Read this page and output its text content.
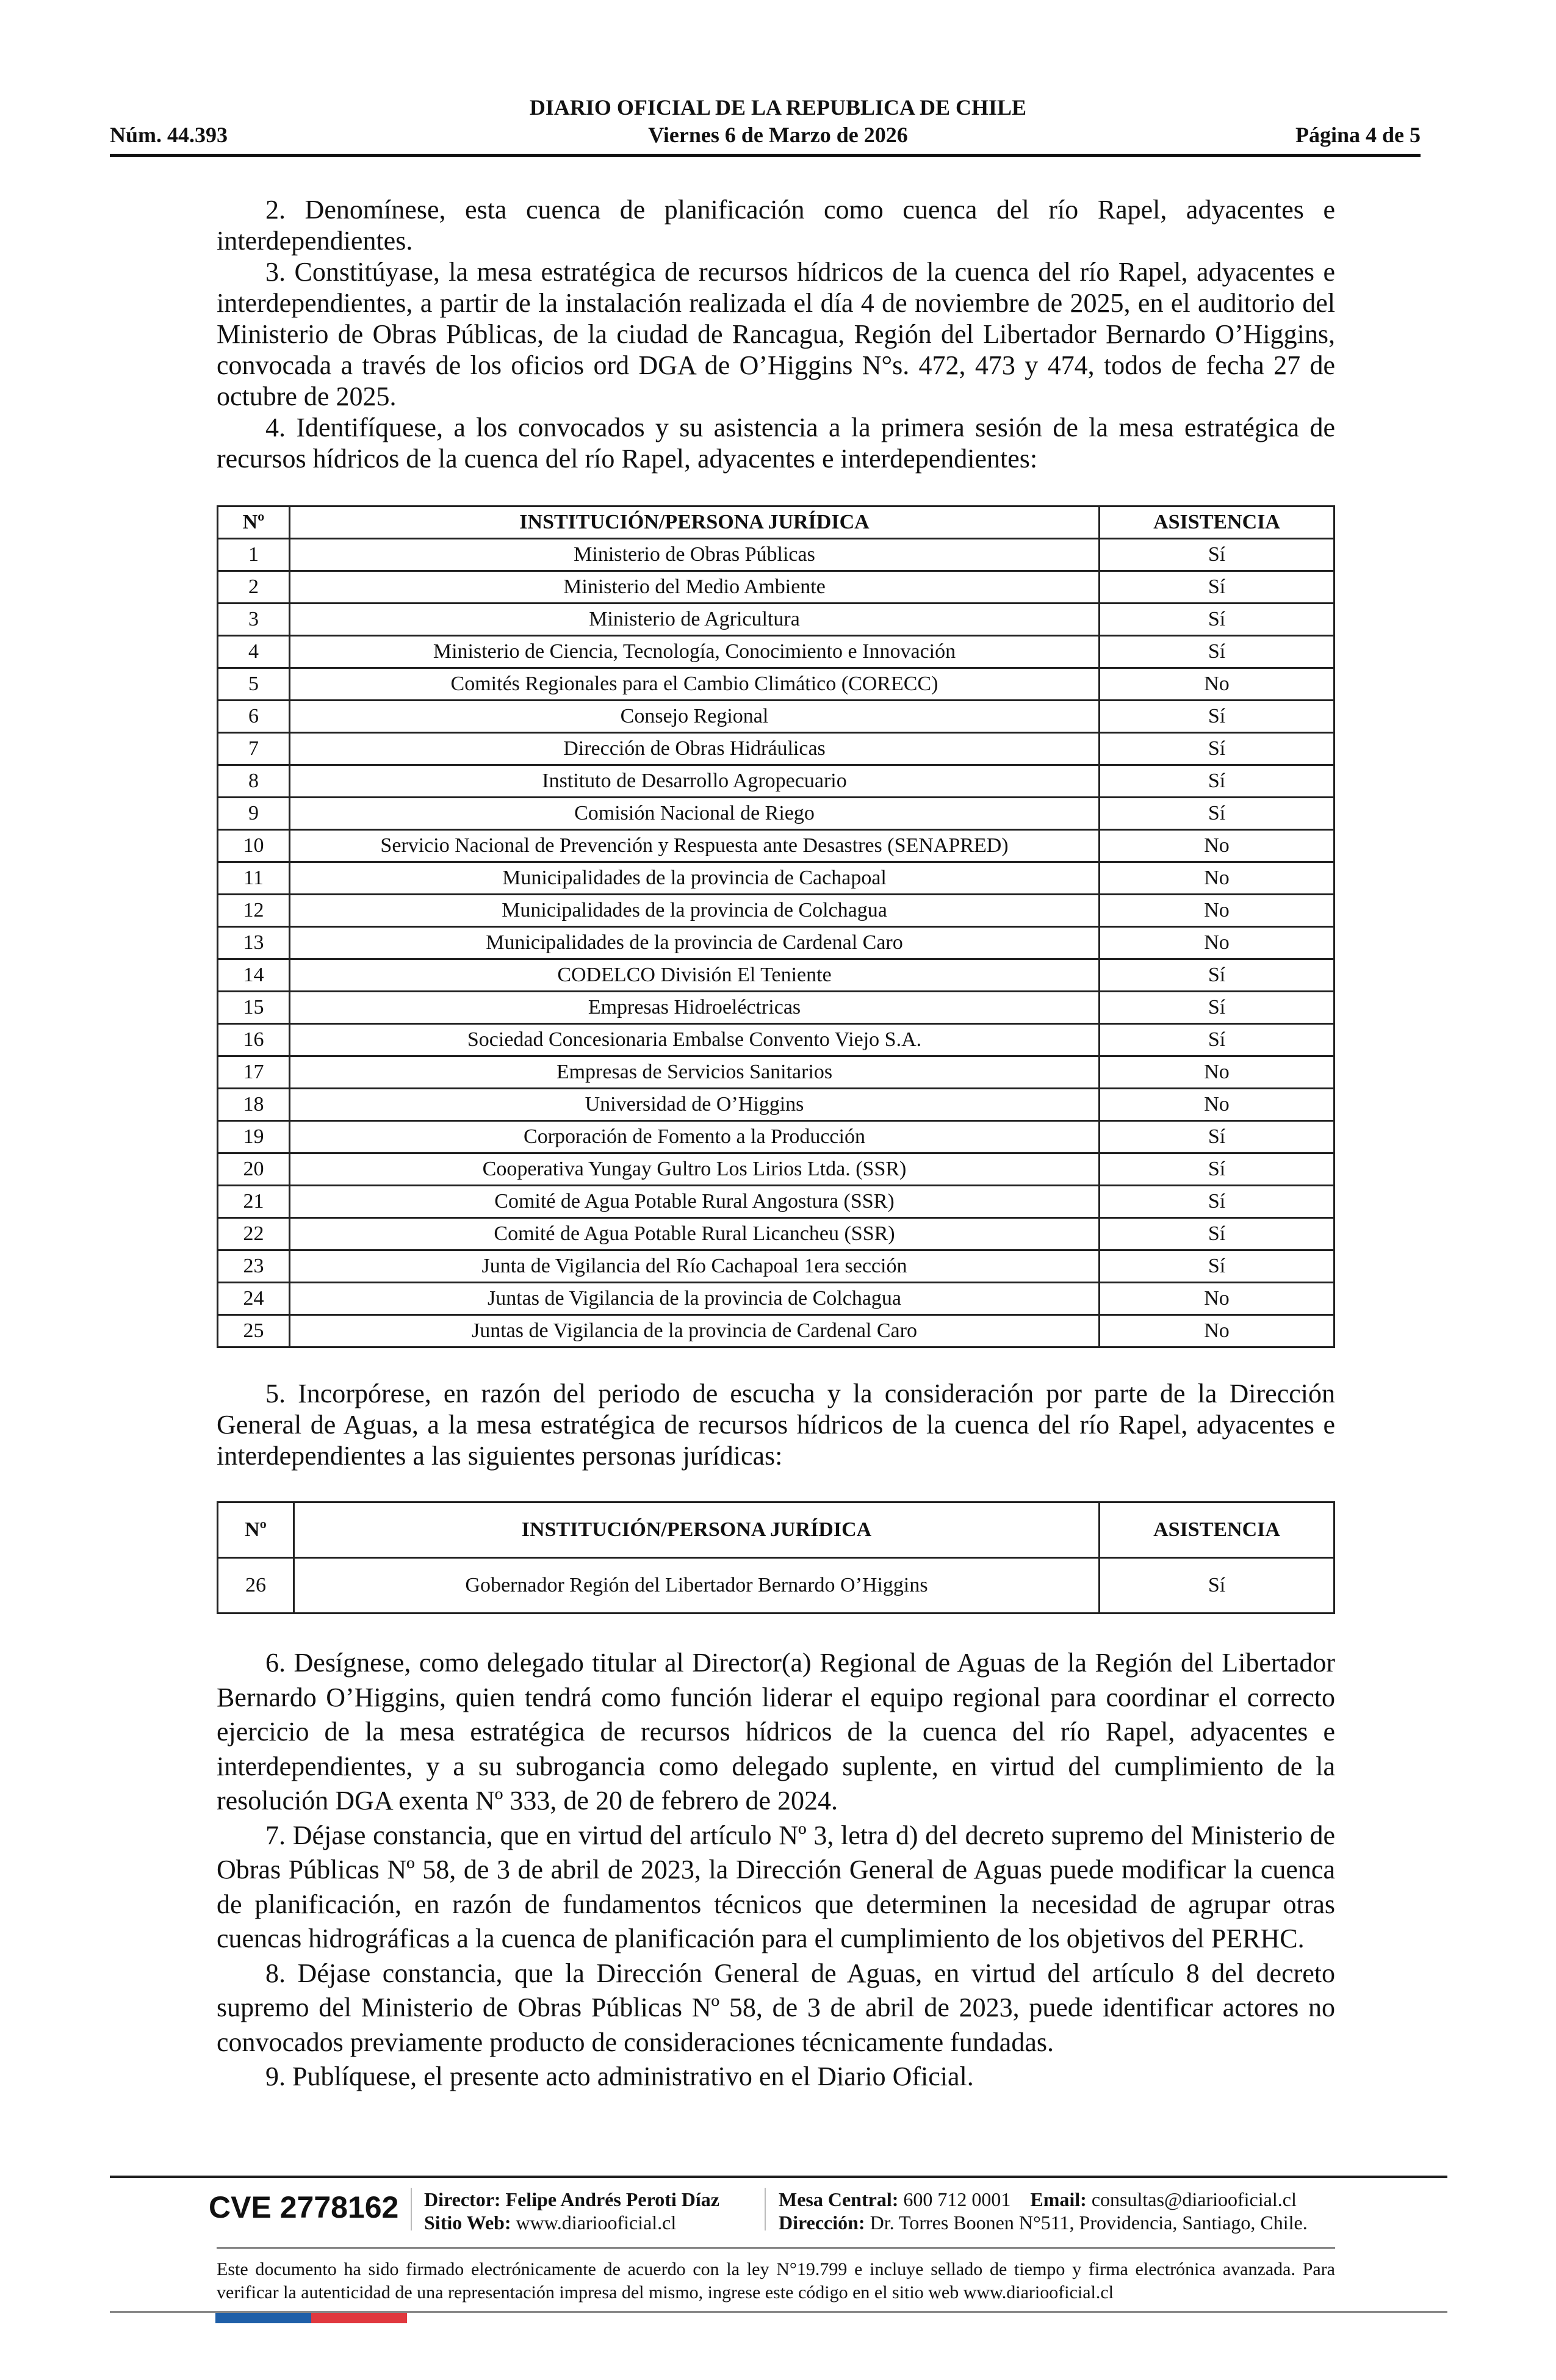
DIARIO OFICIAL DE LA REPUBLICA DE CHILE
Núm. 44.393	Viernes 6 de Marzo de 2026	Página 4 de 5

2. Denomínese, esta cuenca de planificación como cuenca del río Rapel, adyacentes e interdependientes.

3. Constitúyase, la mesa estratégica de recursos hídricos de la cuenca del río Rapel, adyacentes e interdependientes, a partir de la instalación realizada el día 4 de noviembre de 2025, en el auditorio del Ministerio de Obras Públicas, de la ciudad de Rancagua, Región del Libertador Bernardo O’Higgins, convocada a través de los oficios ord DGA de O’Higgins N°s. 472, 473 y 474, todos de fecha 27 de octubre de 2025.

4. Identifíquese, a los convocados y su asistencia a la primera sesión de la mesa estratégica de recursos hídricos de la cuenca del río Rapel, adyacentes e interdependientes:

Nº	INSTITUCIÓN/PERSONA JURÍDICA	ASISTENCIA
1	Ministerio de Obras Públicas	Sí
2	Ministerio del Medio Ambiente	Sí
3	Ministerio de Agricultura	Sí
4	Ministerio de Ciencia, Tecnología, Conocimiento e Innovación	Sí
5	Comités Regionales para el Cambio Climático (CORECC)	No
6	Consejo Regional	Sí
7	Dirección de Obras Hidráulicas	Sí
8	Instituto de Desarrollo Agropecuario	Sí
9	Comisión Nacional de Riego	Sí
10	Servicio Nacional de Prevención y Respuesta ante Desastres (SENAPRED)	No
11	Municipalidades de la provincia de Cachapoal	No
12	Municipalidades de la provincia de Colchagua	No
13	Municipalidades de la provincia de Cardenal Caro	No
14	CODELCO División El Teniente	Sí
15	Empresas Hidroeléctricas	Sí
16	Sociedad Concesionaria Embalse Convento Viejo S.A.	Sí
17	Empresas de Servicios Sanitarios	No
18	Universidad de O’Higgins	No
19	Corporación de Fomento a la Producción	Sí
20	Cooperativa Yungay Gultro Los Lirios Ltda. (SSR)	Sí
21	Comité de Agua Potable Rural Angostura (SSR)	Sí
22	Comité de Agua Potable Rural Licancheu (SSR)	Sí
23	Junta de Vigilancia del Río Cachapoal 1era sección	Sí
24	Juntas de Vigilancia de la provincia de Colchagua	No
25	Juntas de Vigilancia de la provincia de Cardenal Caro	No

5. Incorpórese, en razón del periodo de escucha y la consideración por parte de la Dirección General de Aguas, a la mesa estratégica de recursos hídricos de la cuenca del río Rapel, adyacentes e interdependientes a las siguientes personas jurídicas:

Nº	INSTITUCIÓN/PERSONA JURÍDICA	ASISTENCIA
26	Gobernador Región del Libertador Bernardo O’Higgins	Sí

6. Desígnese, como delegado titular al Director(a) Regional de Aguas de la Región del Libertador Bernardo O’Higgins, quien tendrá como función liderar el equipo regional para coordinar el correcto ejercicio de la mesa estratégica de recursos hídricos de la cuenca del río Rapel, adyacentes e interdependientes, y a su subrogancia como delegado suplente, en virtud del cumplimiento de la resolución DGA exenta Nº 333, de 20 de febrero de 2024.

7. Déjase constancia, que en virtud del artículo Nº 3, letra d) del decreto supremo del Ministerio de Obras Públicas Nº 58, de 3 de abril de 2023, la Dirección General de Aguas puede modificar la cuenca de planificación, en razón de fundamentos técnicos que determinen la necesidad de agrupar otras cuencas hidrográficas a la cuenca de planificación para el cumplimiento de los objetivos del PERHC.

8. Déjase constancia, que la Dirección General de Aguas, en virtud del artículo 8 del decreto supremo del Ministerio de Obras Públicas Nº 58, de 3 de abril de 2023, puede identificar actores no convocados previamente producto de consideraciones técnicamente fundadas.

9. Publíquese, el presente acto administrativo en el Diario Oficial.

CVE 2778162 Director: Felipe Andrés Peroti Díaz
Sitio Web: www.diariooficial.cl
Mesa Central: 600 712 0001 Email: consultas@diariooficial.cl
Dirección: Dr. Torres Boonen N°511, Providencia, Santiago, Chile.
Este documento ha sido firmado electrónicamente de acuerdo con la ley N°19.799 e incluye sellado de tiempo y firma electrónica avanzada. Para verificar la autenticidad de una representación impresa del mismo, ingrese este código en el sitio web www.diariooficial.cl
